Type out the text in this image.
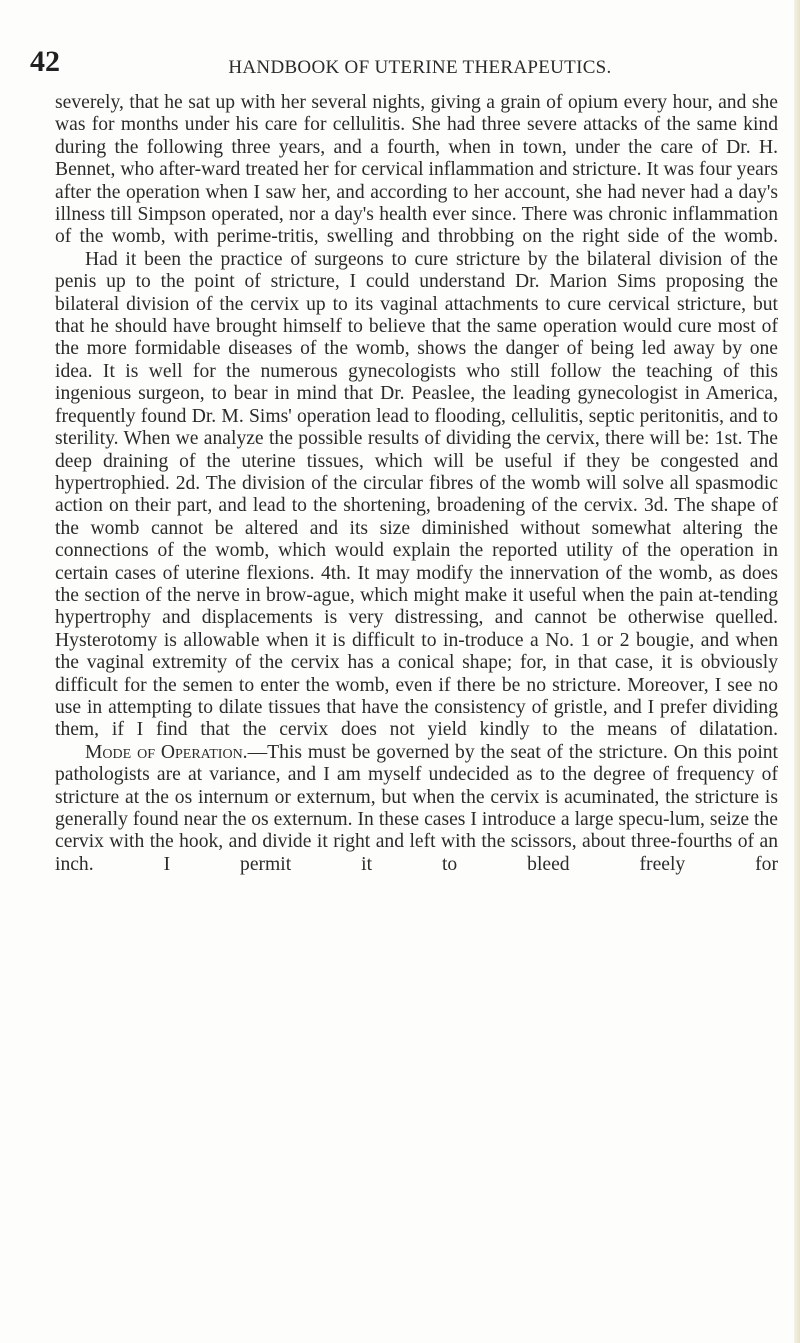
42	HANDBOOK OF UTERINE THERAPEUTICS.

severely, that he sat up with her several nights, giving a grain of opium every hour, and she was for months under his care for cellulitis. She had three severe attacks of the same kind during the following three years, and a fourth, when in town, under the care of Dr. H. Bennet, who after-ward treated her for cervical inflammation and stricture. It was four years after the operation when I saw her, and according to her account, she had never had a day's illness till Simpson operated, nor a day's health ever since. There was chronic inflammation of the womb, with perime-tritis, swelling and throbbing on the right side of the womb.

Had it been the practice of surgeons to cure stricture by the bilateral division of the penis up to the point of stricture, I could understand Dr. Marion Sims proposing the bilateral division of the cervix up to its vaginal attachments to cure cervical stricture, but that he should have brought himself to believe that the same operation would cure most of the more formidable diseases of the womb, shows the danger of being led away by one idea. It is well for the numerous gynecologists who still follow the teaching of this ingenious surgeon, to bear in mind that Dr. Peaslee, the leading gynecologist in America, frequently found Dr. M. Sims' operation lead to flooding, cellulitis, septic peritonitis, and to sterility. When we analyze the possible results of dividing the cervix, there will be: 1st. The deep draining of the uterine tissues, which will be useful if they be congested and hypertrophied. 2d. The division of the circular fibres of the womb will solve all spasmodic action on their part, and lead to the shortening, broadening of the cervix. 3d. The shape of the womb cannot be altered and its size diminished without somewhat altering the connections of the womb, which would explain the reported utility of the operation in certain cases of uterine flexions. 4th. It may modify the innervation of the womb, as does the section of the nerve in brow-ague, which might make it useful when the pain at-tending hypertrophy and displacements is very distressing, and cannot be otherwise quelled. Hysterotomy is allowable when it is difficult to in-troduce a No. 1 or 2 bougie, and when the vaginal extremity of the cervix has a conical shape; for, in that case, it is obviously difficult for the semen to enter the womb, even if there be no stricture. Moreover, I see no use in attempting to dilate tissues that have the consistency of gristle, and I prefer dividing them, if I find that the cervix does not yield kindly to the means of dilatation.

Mode of Operation.—This must be governed by the seat of the stricture. On this point pathologists are at variance, and I am myself undecided as to the degree of frequency of stricture at the os internum or externum, but when the cervix is acuminated, the stricture is generally found near the os externum. In these cases I introduce a large specu-lum, seize the cervix with the hook, and divide it right and left with the scissors, about three-fourths of an inch. I permit it to bleed freely for
